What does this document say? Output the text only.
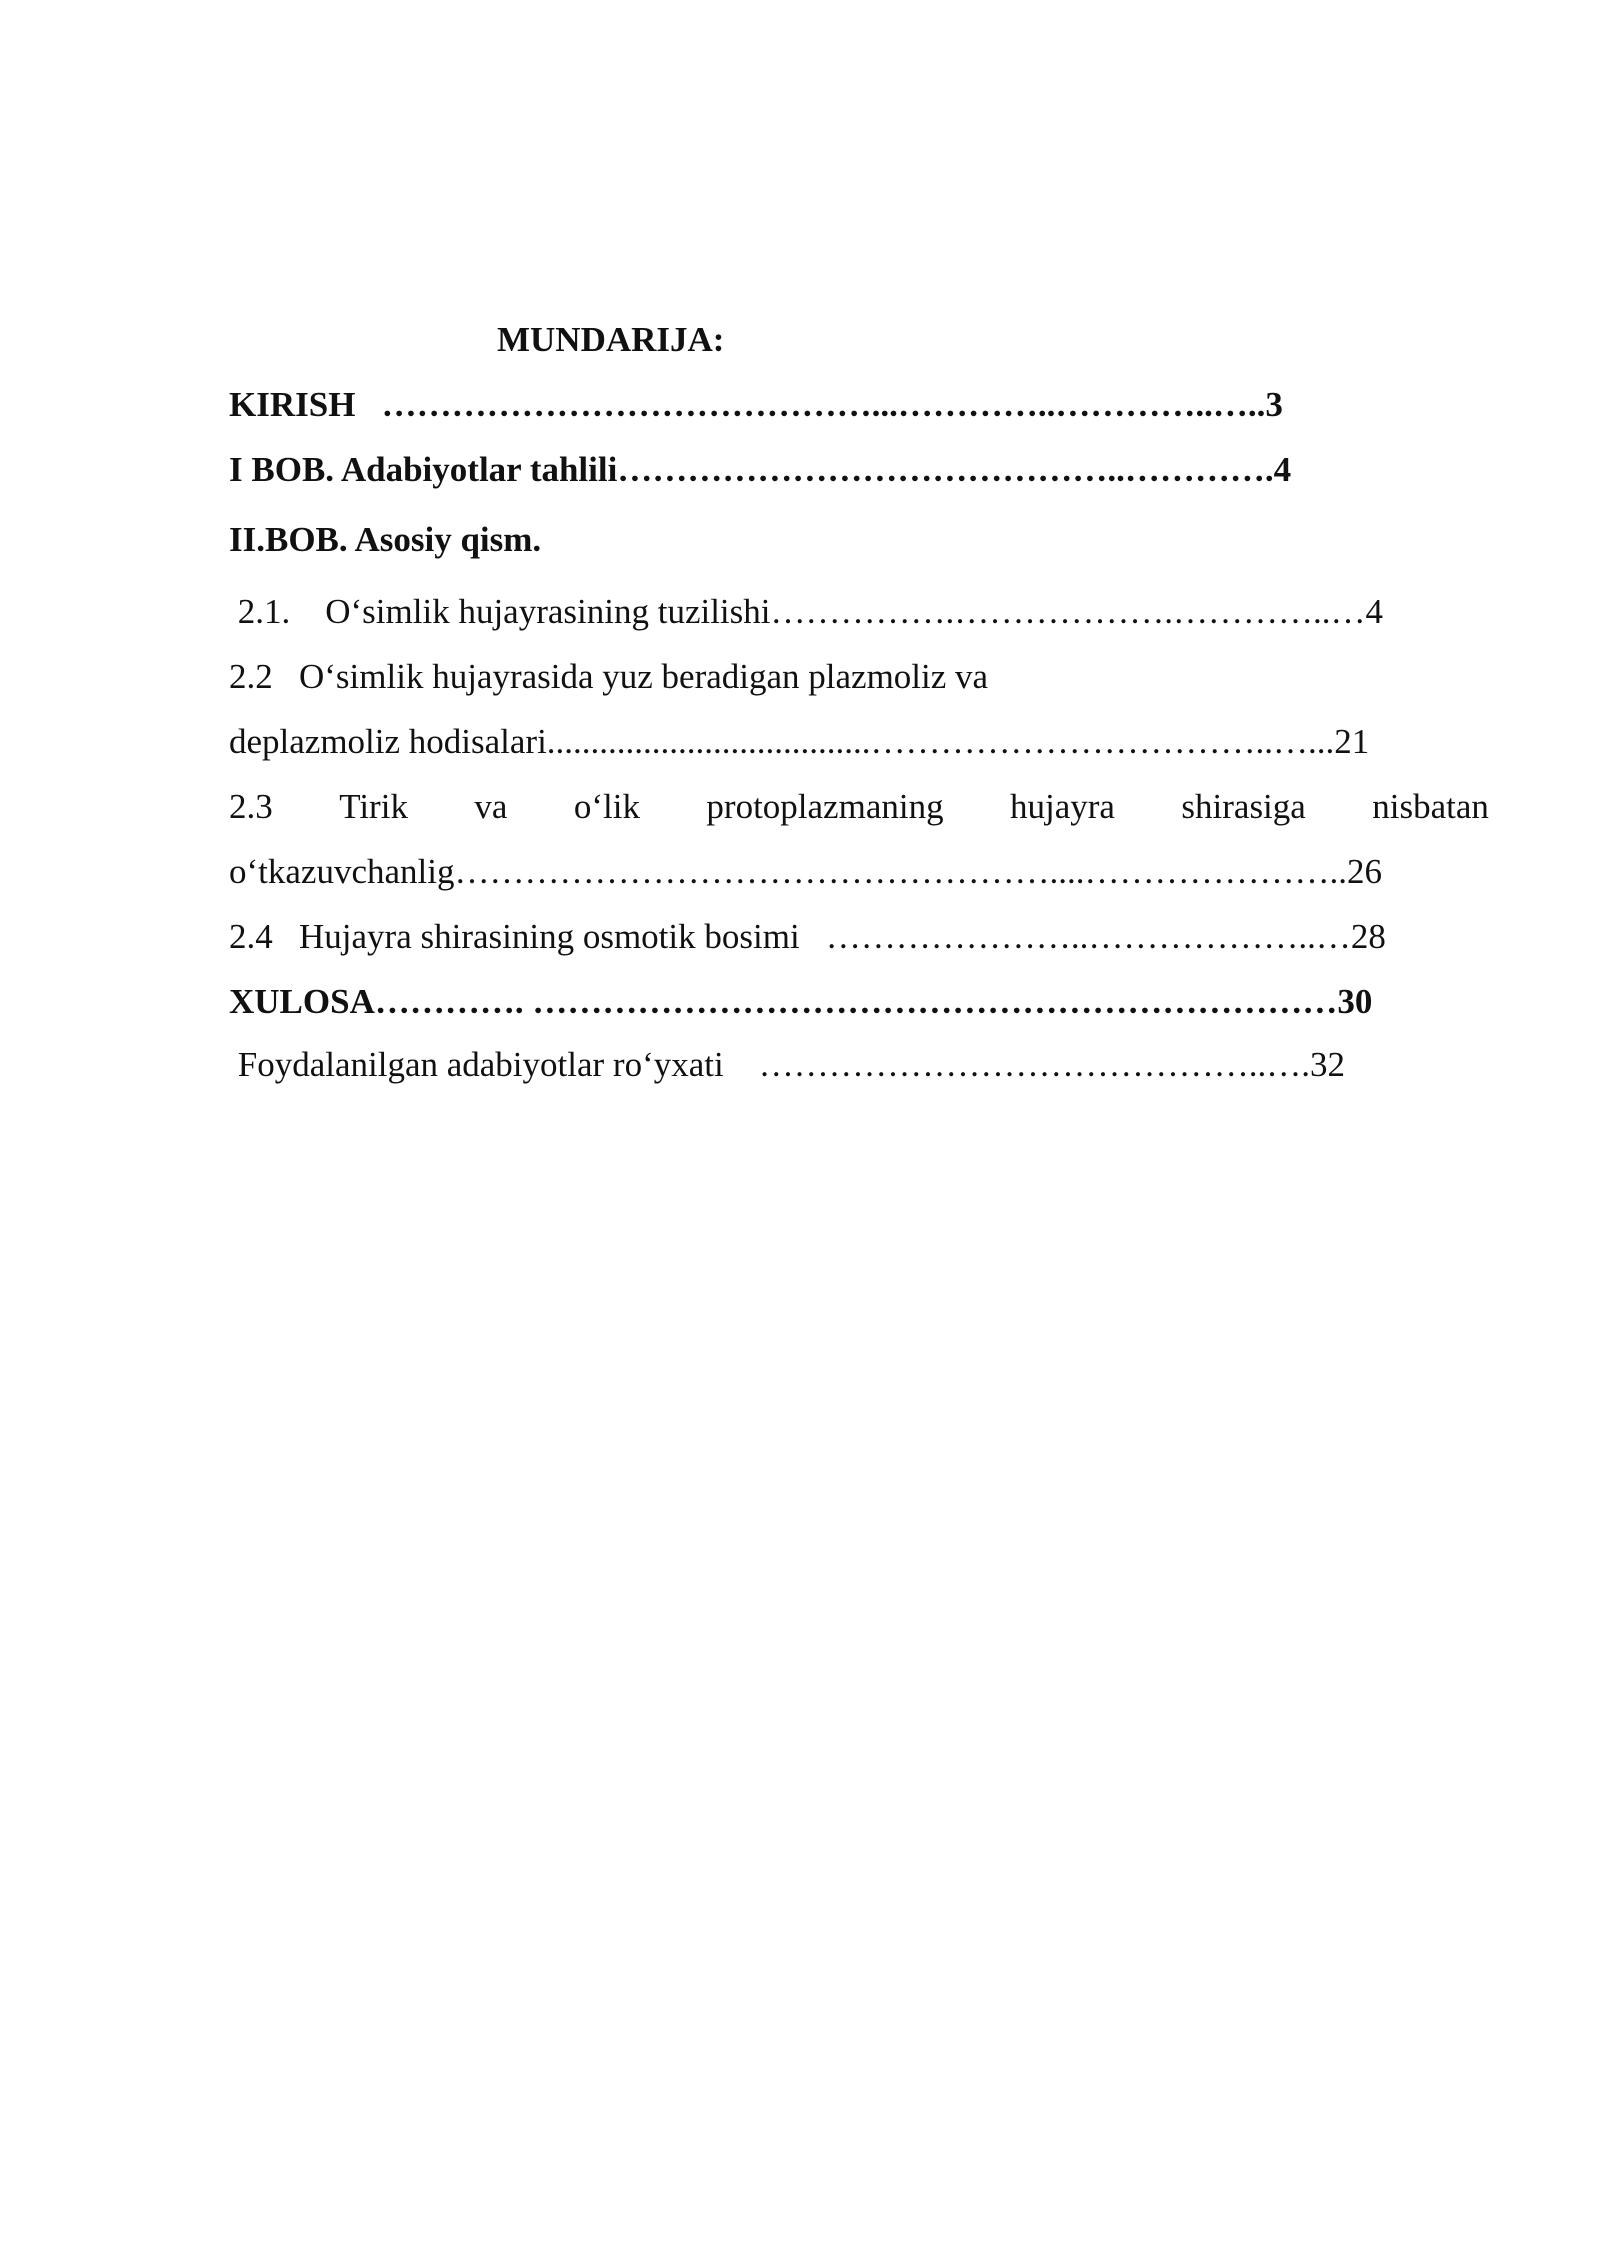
MUNDARIJA:
KIRISH   ……………………………………...…………..…………..…..3
I BOB. Adabiyotlar tahlili……………………………………..………….4
II.BOB. Asosiy qism.
2.1.    O‘simlik hujayrasining tuzilishi…………….……………….…………..…4
2.2   O‘simlik hujayrasida yuz beradigan plazmoliz va
deplazmoliz hodisalari.....................................……………………………..…...21
2.3 Tirik va o‘lik protoplazmaning hujayra shirasiga nisbatan
o‘tkazuvchanlig……………………………………………....…………………..26
2.4   Hujayra shirasining osmotik bosimi   …………………..………………..…28
XULOSA…………. ……………………………………………………………30
Foydalanilgan adabiyotlar ro‘yxati    ……………………………………..….32
